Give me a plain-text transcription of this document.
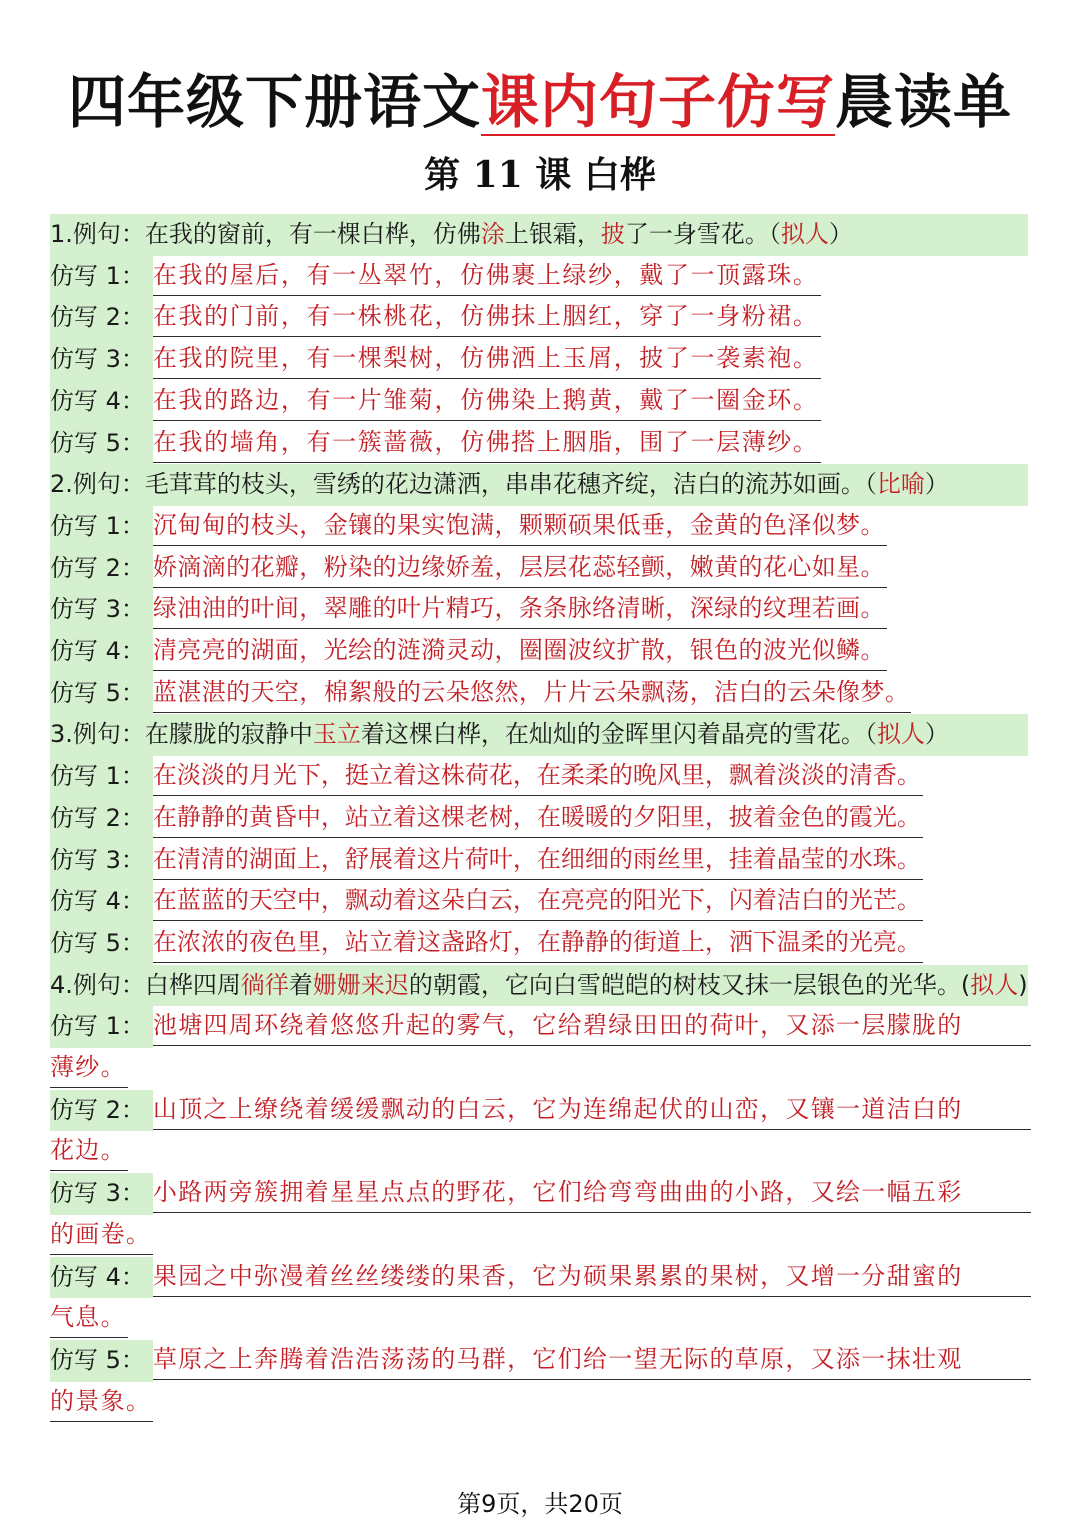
四年级下册语文课内句子仿写晨读单
第 11 课 白桦
1.例句：在我的窗前，有一棵白桦，仿佛涂上银霜，披了一身雪花。（拟人）
仿写 1： 在我的屋后，有一丛翠竹，仿佛裹上绿纱，戴了一顶露珠。
仿写 2： 在我的门前，有一株桃花，仿佛抹上胭红，穿了一身粉裙。
仿写 3： 在我的院里，有一棵梨树，仿佛洒上玉屑，披了一袭素袍。
仿写 4： 在我的路边，有一片雏菊，仿佛染上鹅黄，戴了一圈金环。
仿写 5： 在我的墙角，有一簇蔷薇，仿佛搭上胭脂，围了一层薄纱。
2.例句：毛茸茸的枝头，雪绣的花边潇洒，串串花穗齐绽，洁白的流苏如画。（比喻）
仿写 1： 沉甸甸的枝头，金镶的果实饱满，颗颗硕果低垂，金黄的色泽似梦。
仿写 2： 娇滴滴的花瓣，粉染的边缘娇羞，层层花蕊轻颤，嫩黄的花心如星。
仿写 3： 绿油油的叶间，翠雕的叶片精巧，条条脉络清晰，深绿的纹理若画。
仿写 4： 清亮亮的湖面，光绘的涟漪灵动，圈圈波纹扩散，银色的波光似鳞。
仿写 5： 蓝湛湛的天空，棉絮般的云朵悠然，片片云朵飘荡，洁白的云朵像梦。
3.例句：在朦胧的寂静中玉立着这棵白桦，在灿灿的金晖里闪着晶亮的雪花。（拟人）
仿写 1： 在淡淡的月光下，挺立着这株荷花，在柔柔的晚风里，飘着淡淡的清香。
仿写 2： 在静静的黄昏中，站立着这棵老树，在暖暖的夕阳里，披着金色的霞光。
仿写 3： 在清清的湖面上，舒展着这片荷叶，在细细的雨丝里，挂着晶莹的水珠。
仿写 4： 在蓝蓝的天空中，飘动着这朵白云，在亮亮的阳光下，闪着洁白的光芒。
仿写 5： 在浓浓的夜色里，站立着这盏路灯，在静静的街道上，洒下温柔的光亮。
4.例句：白桦四周徜徉着姗姗来迟的朝霞，它向白雪皑皑的树枝又抹一层银色的光华。(拟人)
仿写 1： 池塘四周环绕着悠悠升起的雾气，它给碧绿田田的荷叶，又添一层朦胧的
薄纱。
仿写 2： 山顶之上缭绕着缓缓飘动的白云，它为连绵起伏的山峦，又镶一道洁白的
花边。
仿写 3： 小路两旁簇拥着星星点点的野花，它们给弯弯曲曲的小路，又绘一幅五彩
的画卷。
仿写 4： 果园之中弥漫着丝丝缕缕的果香，它为硕果累累的果树，又增一分甜蜜的
气息。
仿写 5： 草原之上奔腾着浩浩荡荡的马群，它们给一望无际的草原，又添一抹壮观
的景象。
第9页，共20页
